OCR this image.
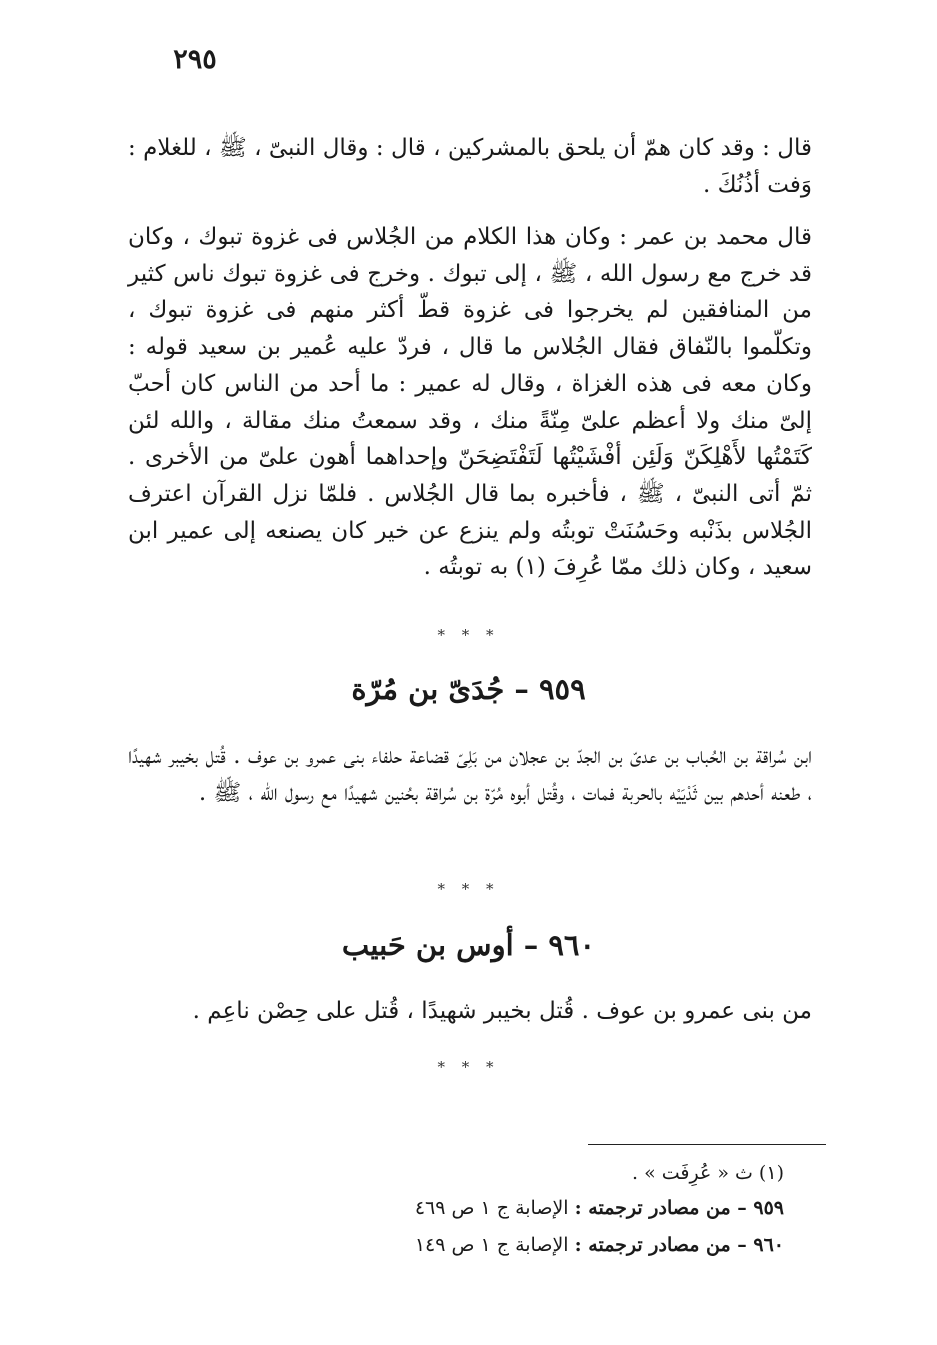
٢٩٥

قال : وقد كان همّ أن يلحق بالمشركين ، قال : وقال النبىّ ، ﷺ ، للغلام : وَفت أذُنُكَ .

قال محمد بن عمر : وكان هذا الكلام من الجُلاس فى غزوة تبوك ، وكان قد خرج مع رسول الله ، ﷺ ، إلى تبوك . وخرج فى غزوة تبوك ناس كثير من المنافقين لم يخرجوا فى غزوة قطّ أكثر منهم فى غزوة تبوك ، وتكلّموا بالنّفاق فقال الجُلاس ما قال ، فردّ عليه عُمير بن سعيد قوله : وكان معه فى هذه الغزاة ، وقال له عمير : ما أحد من الناس كان أحبّ إلىّ منك ولا أعظم علىّ مِنّةً منك ، وقد سمعتُ منك مقالة ، والله لئن كَتَمْتُها لأَهْلِكَنّ وَلَئِن أفْشَيْتُها لَتَفْتَضِحَنّ وإحداهما أهون علىّ من الأخرى . ثمّ أتى النبىّ ، ﷺ ، فأخبره بما قال الجُلاس . فلمّا نزل القرآن اعترف الجُلاس بذَنْبه وحَسُنَتْ توبتُه ولم ينزع عن خير كان يصنعه إلى عمير ابن سعيد ، وكان ذلك ممّا عُرِفَ (١) به توبتُه .

* * *
٩٥٩ – جُدَىّ بن مُرّة

ابن سُراقة بن الحُباب بن عدىّ بن الجدّ بن عجلان من بَلِىّ قضاعة حلفاء بنى عمرو بن عوف . قُتل بخيبر شهيدًا ، طعنه أحدهم بين ثَدْيَيْه بالحربة فمات ، وقُتل أبوه مُرّة بن سُراقة بحُنين شهيدًا مع رسول الله ، ﷺ .

* * *
٩٦٠ – أوس بن حَبيب

من بنى عمرو بن عوف . قُتل بخيبر شهيدًا ، قُتل على حِصْن ناعِم .

* * *
(١) ث « عُرِفَت » .
٩٥٩ – من مصادر ترجمته : الإصابة ج ١ ص ٤٦٩
٩٦٠ – من مصادر ترجمته : الإصابة ج ١ ص ١٤٩
